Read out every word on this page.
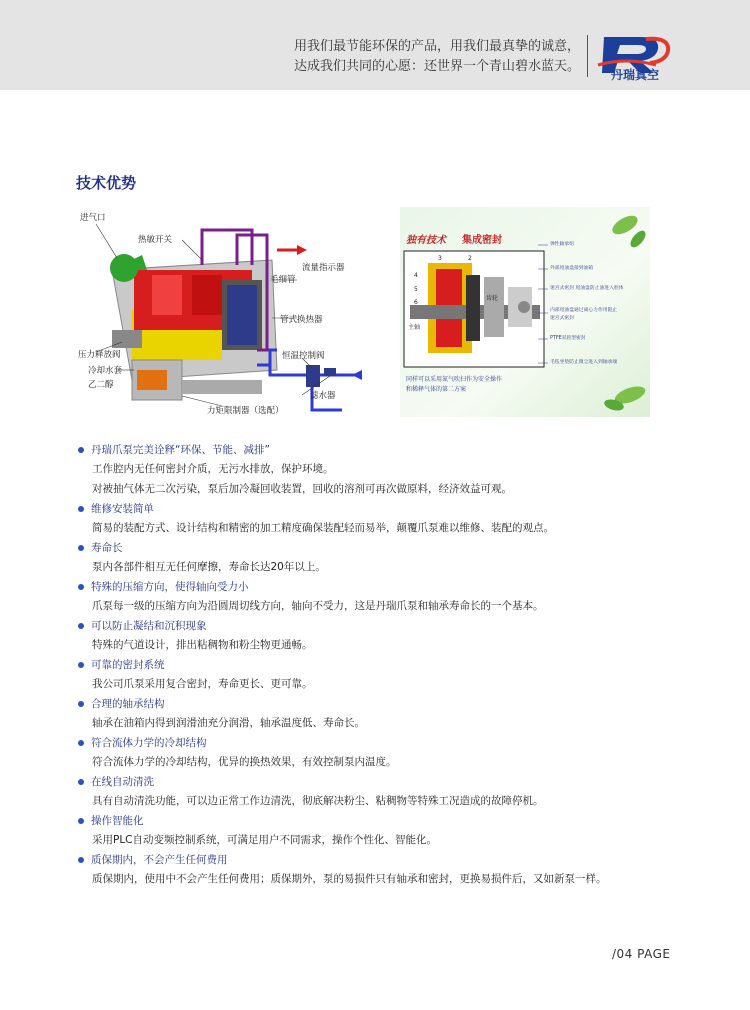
用我们最节能环保的产品，用我们最真挚的诚意，
达成我们共同的心愿：还世界一个青山碧水蓝天。
丹瑞真空
技术优势
进气口
热敏开关
毛细管
流量指示器
管式换热器
压力释放阀
冷却水套
乙二醇
恒温控制阀
滤水器
力矩限制器（选配）
独有技术 集成密封
3	2
4
5
6
主轴
齿轮
弹性轴承组
外部甩油盘接到油箱
迷宫式密封 甩油盘防止油进入腔体
内部甩油盘通过离心力作用阻止
迷宫式密封
PTFE双唇型密封
毛毡坐垫防止微尘进入到轴承端
同样可以采用氮气吹扫作为安全操作
和稀释气体的第二方案
丹瑞爪泵完美诠释“环保、节能、减排”
工作腔内无任何密封介质，无污水排放，保护环境。
对被抽气体无二次污染，泵后加冷凝回收装置，回收的溶剂可再次做原料，经济效益可观。
维修安装简单
简易的装配方式、设计结构和精密的加工精度确保装配轻而易举，颠覆爪泵难以维修、装配的观点。
寿命长
泵内各部件相互无任何摩擦，寿命长达20年以上。
特殊的压缩方向，使得轴向受力小
爪泵每一级的压缩方向为沿圆周切线方向，轴向不受力，这是丹瑞爪泵和轴承寿命长的一个基本。
可以防止凝结和沉积现象
特殊的气道设计，排出粘稠物和粉尘物更通畅。
可靠的密封系统
我公司爪泵采用复合密封，寿命更长、更可靠。
合理的轴承结构
轴承在油箱内得到润滑油充分润滑，轴承温度低、寿命长。
符合流体力学的冷却结构
符合流体力学的冷却结构，优异的换热效果，有效控制泵内温度。
在线自动清洗
具有自动清洗功能，可以边正常工作边清洗，彻底解决粉尘、粘稠物等特殊工况造成的故障停机。
操作智能化
采用PLC自动变频控制系统，可满足用户不同需求，操作个性化、智能化。
质保期内，不会产生任何费用
质保期内，使用中不会产生任何费用；质保期外，泵的易损件只有轴承和密封，更换易损件后，又如新泵一样。
/04 PAGE
